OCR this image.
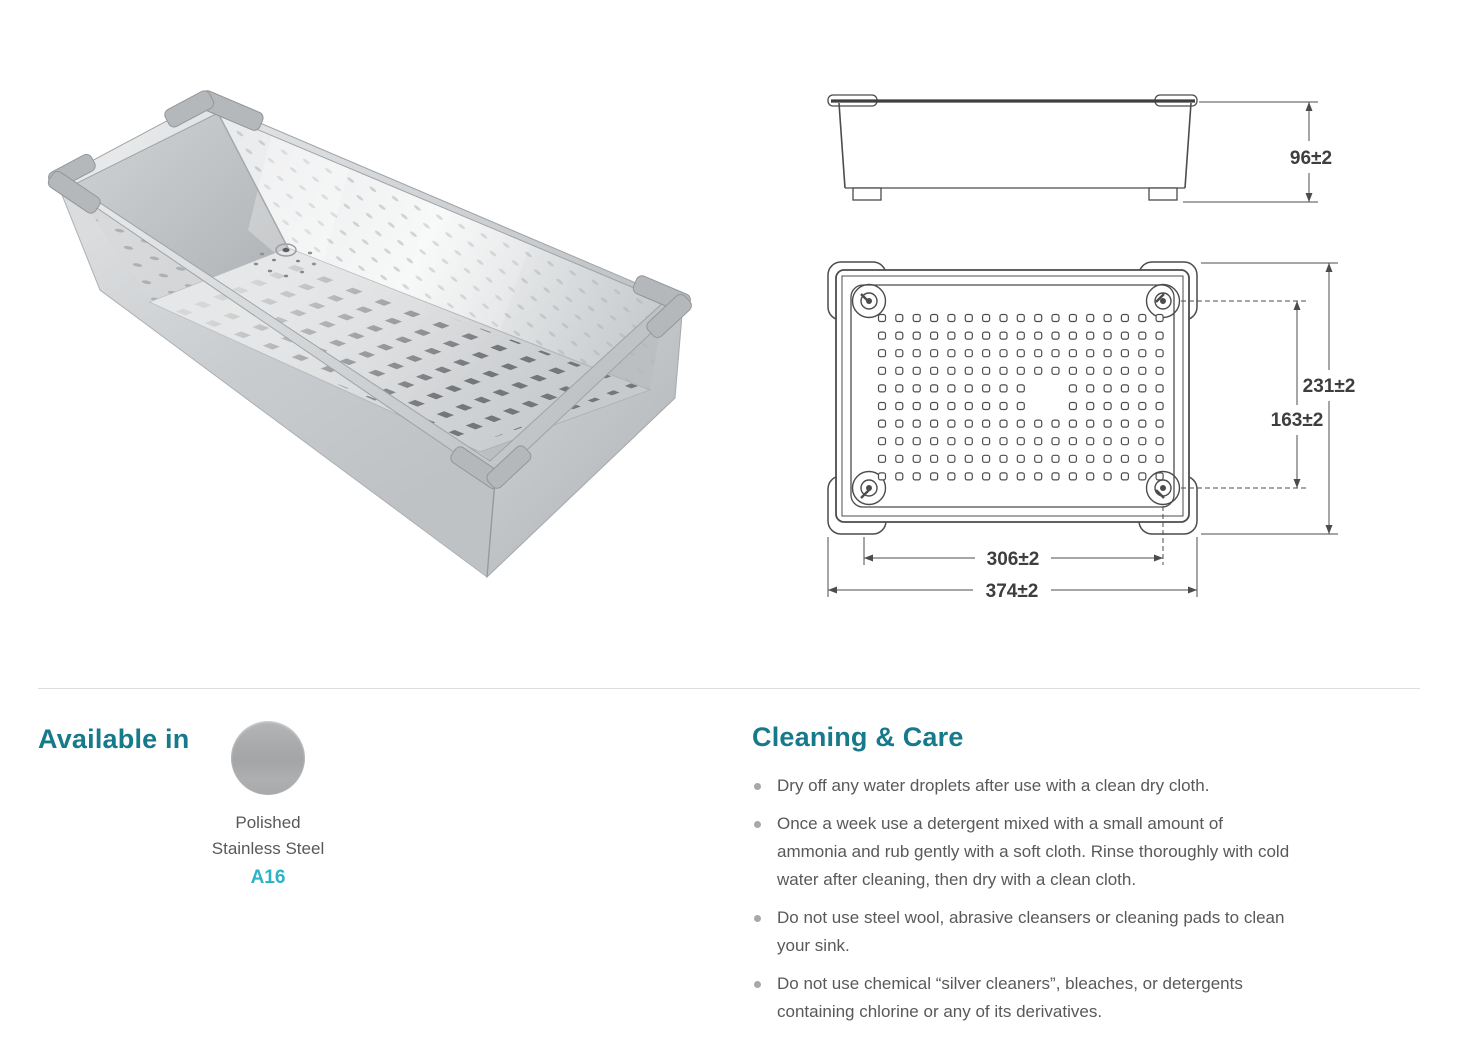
96±2
231±2
163±2
306±2
374±2
Available in
Polished
Stainless Steel
A16
Cleaning & Care
Dry off any water droplets after use with a clean dry cloth.
Once a week use a detergent mixed with a small amount of ammonia and rub gently with a soft cloth. Rinse thoroughly with cold water after cleaning, then dry with a clean cloth.
Do not use steel wool, abrasive cleansers or cleaning pads to clean your sink.
Do not use chemical “silver cleaners”, bleaches, or detergents containing chlorine or any of its derivatives.
